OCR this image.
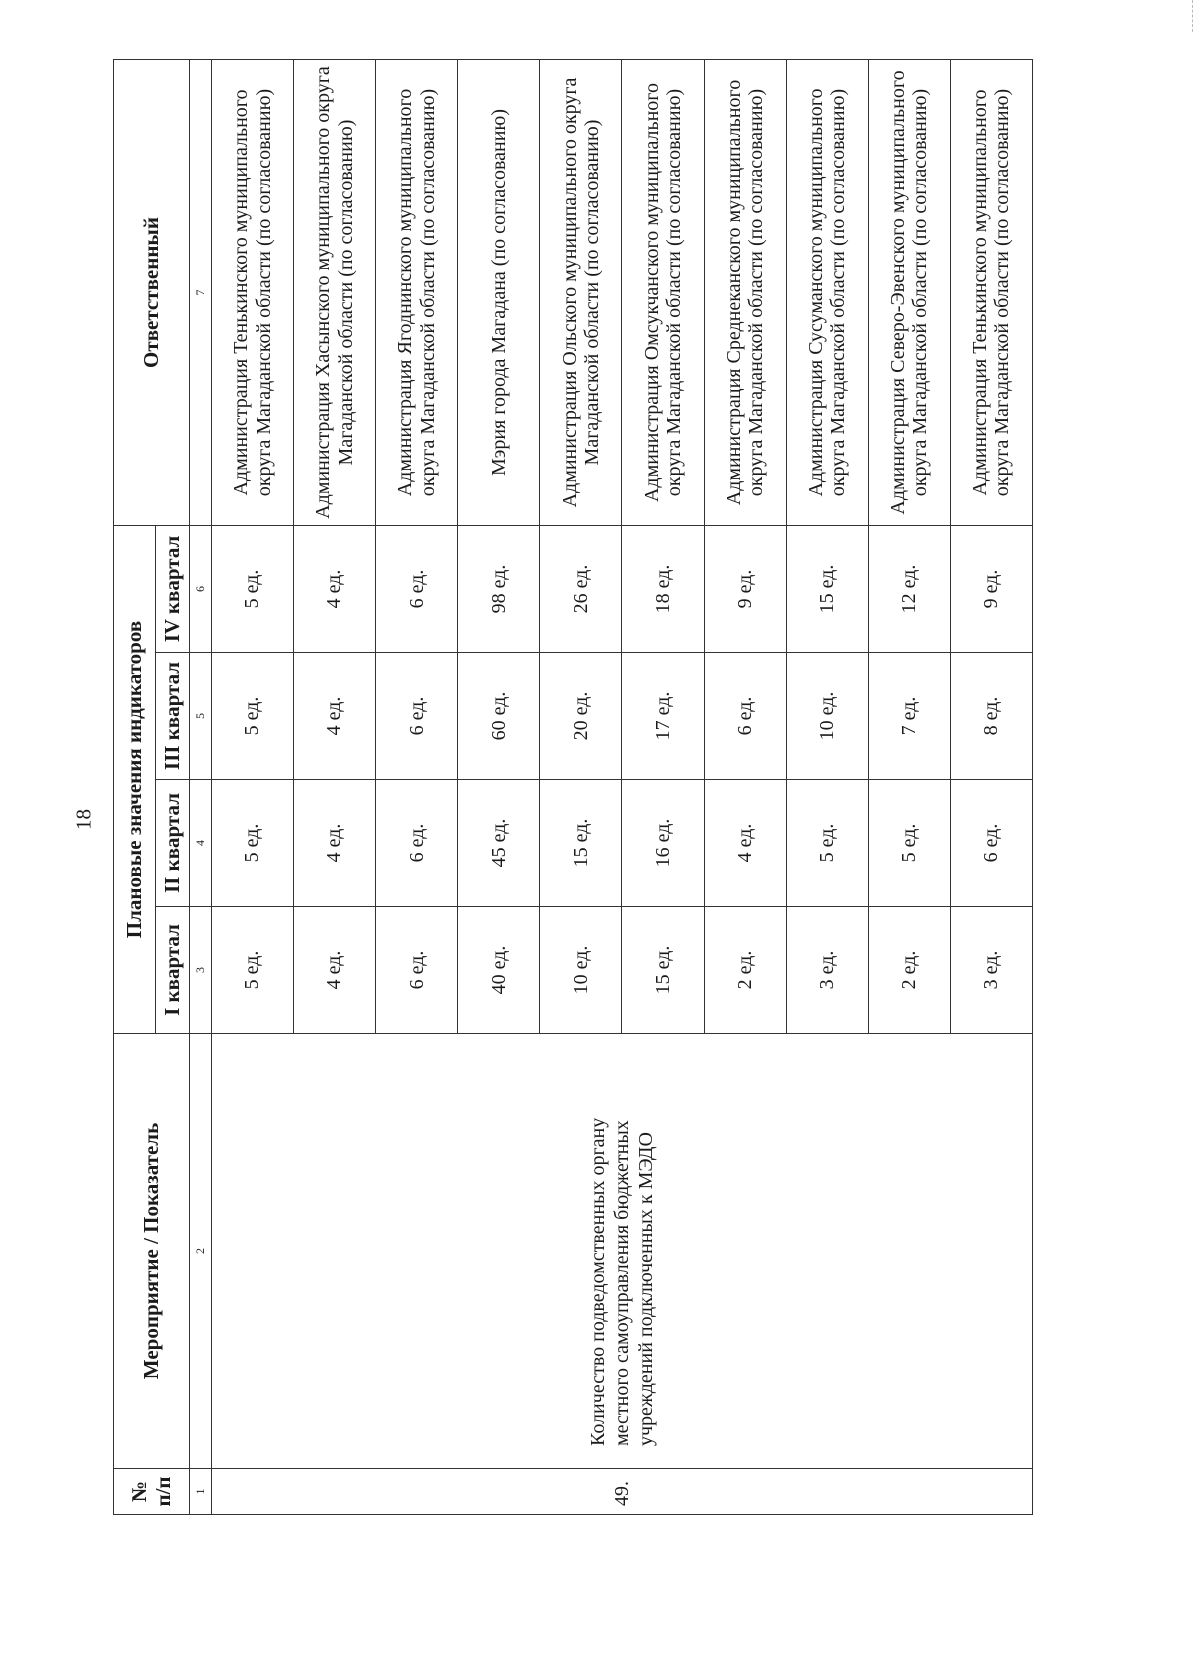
18
№ п/п	Мероприятие / Показатель	Плановые значения индикаторов				Ответственный
		I квартал	II квартал	III квартал	IV квартал	
1	2	3	4	5	6	7
49.	Количество подведомственных органу местного самоуправления бюджетных учреждений подключенных к МЭДО	5 ед.	5 ед.	5 ед.	5 ед.	Администрация Тенькинского муниципального округа Магаданской области (по согласованию)
		4 ед.	4 ед.	4 ед.	4 ед.	Администрация Хасынского муниципального округа Магаданской области (по согласованию)
		6 ед.	6 ед.	6 ед.	6 ед.	Администрация Ягоднинского муниципального округа Магаданской области (по согласованию)
		40 ед.	45 ед.	60 ед.	98 ед.	Мэрия города Магадана (по согласованию)
		10 ед.	15 ед.	20 ед.	26 ед.	Администрация Ольского муниципального округа Магаданской области (по согласованию)
		15 ед.	16 ед.	17 ед.	18 ед.	Администрация Омсукчанского муниципального округа Магаданской области (по согласованию)
		2 ед.	4 ед.	6 ед.	9 ед.	Администрация Среднеканского муниципального округа Магаданской области (по согласованию)
		3 ед.	5 ед.	10 ед.	15 ед.	Администрация Сусуманского муниципального округа Магаданской области (по согласованию)
		2 ед.	5 ед.	7 ед.	12 ед.	Администрация Северо-Эвенского муниципального округа Магаданской области (по согласованию)
		3 ед.	6 ед.	8 ед.	9 ед.	Администрация Тенькинского муниципального округа Магаданской области (по согласованию)
